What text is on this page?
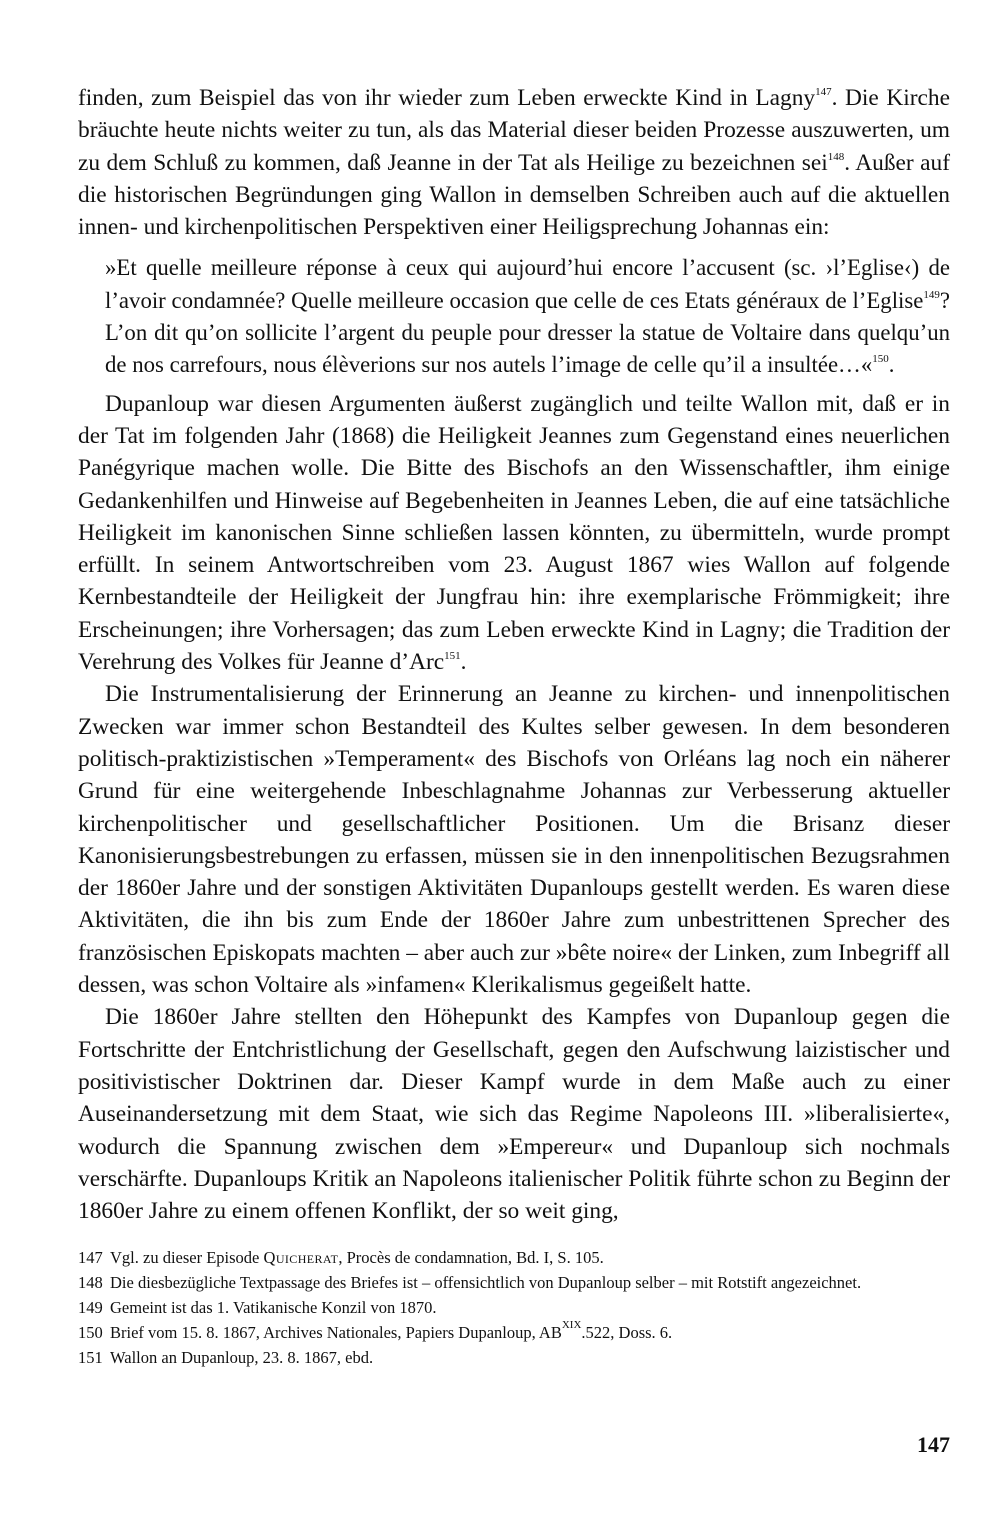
finden, zum Beispiel das von ihr wieder zum Leben erweckte Kind in Lagny$^{147}$. Die Kirche bräuchte heute nichts weiter zu tun, als das Material dieser beiden Prozesse auszuwerten, um zu dem Schluß zu kommen, daß Jeanne in der Tat als Heilige zu bezeichnen sei$^{148}$. Außer auf die historischen Begründungen ging Wallon in demselben Schreiben auch auf die aktuellen innen- und kirchenpolitischen Perspektiven einer Heiligsprechung Johannas ein:

»Et quelle meilleure réponse à ceux qui aujourd’hui encore l’accusent (sc. ›l’Eglise‹) de l’avoir condamnée? Quelle meilleure occasion que celle de ces Etats généraux de l’Eglise$^{149}$? L’on dit qu’on sollicite l’argent du peuple pour dresser la statue de Voltaire dans quelqu’un de nos carrefours, nous élèverions sur nos autels l’image de celle qu’il a insultée…«$^{150}$.

Dupanloup war diesen Argumenten äußerst zugänglich und teilte Wallon mit, daß er in der Tat im folgenden Jahr (1868) die Heiligkeit Jeannes zum Gegenstand eines neuerlichen Panégyrique machen wolle. Die Bitte des Bischofs an den Wissenschaftler, ihm einige Gedankenhilfen und Hinweise auf Begebenheiten in Jeannes Leben, die auf eine tatsächliche Heiligkeit im kanonischen Sinne schließen lassen könnten, zu übermitteln, wurde prompt erfüllt. In seinem Antwortschreiben vom 23. August 1867 wies Wallon auf folgende Kernbestandteile der Heiligkeit der Jungfrau hin: ihre exemplarische Frömmigkeit; ihre Erscheinungen; ihre Vorhersagen; das zum Leben erweckte Kind in Lagny; die Tradition der Verehrung des Volkes für Jeanne d’Arc$^{151}$.

Die Instrumentalisierung der Erinnerung an Jeanne zu kirchen- und innenpolitischen Zwecken war immer schon Bestandteil des Kultes selber gewesen. In dem besonderen politisch-praktizistischen »Temperament« des Bischofs von Orléans lag noch ein näherer Grund für eine weitergehende Inbeschlagnahme Johannas zur Verbesserung aktueller kirchenpolitischer und gesellschaftlicher Positionen. Um die Brisanz dieser Kanonisierungsbestrebungen zu erfassen, müssen sie in den innenpolitischen Bezugsrahmen der 1860er Jahre und der sonstigen Aktivitäten Dupanloups gestellt werden. Es waren diese Aktivitäten, die ihn bis zum Ende der 1860er Jahre zum unbestrittenen Sprecher des französischen Episkopats machten – aber auch zur »bête noire« der Linken, zum Inbegriff all dessen, was schon Voltaire als »infamen« Klerikalismus gegeißelt hatte.

Die 1860er Jahre stellten den Höhepunkt des Kampfes von Dupanloup gegen die Fortschritte der Entchristlichung der Gesellschaft, gegen den Aufschwung laizistischer und positivistischer Doktrinen dar. Dieser Kampf wurde in dem Maße auch zu einer Auseinandersetzung mit dem Staat, wie sich das Regime Napoleons III. »liberalisierte«, wodurch die Spannung zwischen dem »Empereur« und Dupanloup sich nochmals verschärfte. Dupanloups Kritik an Napoleons italienischer Politik führte schon zu Beginn der 1860er Jahre zu einem offenen Konflikt, der so weit ging,

147 Vgl. zu dieser Episode Quicherat, Procès de condamnation, Bd. I, S. 105.
148 Die diesbezügliche Textpassage des Briefes ist – offensichtlich von Dupanloup selber – mit Rotstift angezeichnet.
149 Gemeint ist das 1. Vatikanische Konzil von 1870.
150 Brief vom 15. 8. 1867, Archives Nationales, Papiers Dupanloup, $AB^{XIX}.522$, Doss. 6.
151 Wallon an Dupanloup, 23. 8. 1867, ebd.
147
